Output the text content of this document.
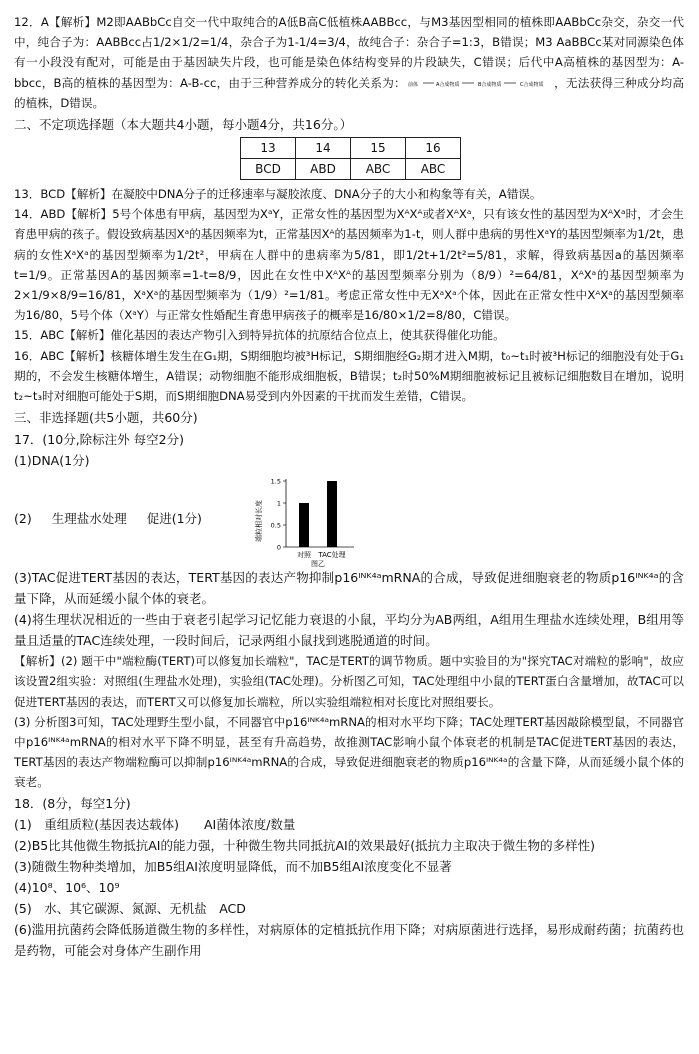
12．A【解析】M2即AABbCc自交一代中取纯合的A低B高C低植株AABBcc，与M3基因型相同的植株即AABbCc杂交，杂交一代中，纯合子为：AABBcc占1/2×1/2=1/4，杂合子为1-1/4=3/4，故纯合子：杂合子=1:3，B错误；M3 AaBBCc某对同源染色体有一小段没有配对，可能是由于基因缺失片段，也可能是染色体结构变异的片段缺失，C错误；后代中A高植株的基因型为：A-bbcc，B高的植株的基因型为：A-B-cc，由于三种营养成分的转化关系为： 前体	A合成物质	B合成物质	C合成物质 ，无法获得三种成分均高的植株，D错误。

二、不定项选择题（本大题共4小题，每小题4分，共16分。）
13	14	15	16
BCD	ABD	ABC	ABC

13．BCD【解析】在凝胶中DNA分子的迁移速率与凝胶浓度、DNA分子的大小和构象等有关，A错误。

14．ABD【解析】5号个体患有甲病，基因型为XᵃY，正常女性的基因型为XᴬXᴬ或者XᴬXᵃ，只有该女性的基因型为XᴬXᵃ时，才会生育患甲病的孩子。假设致病基因Xᵃ的基因频率为t，正常基因Xᴬ的基因频率为1-t，则人群中患病的男性XᵃY的基因型频率为1/2t，患病的女性XᵃXᵃ的基因型频率为1/2t²，甲病在人群中的患病率为5/81，即1/2t+1/2t²=5/81，求解，得致病基因a的基因频率t=1/9。正常基因A的基因频率=1-t=8/9，因此在女性中XᴬXᴬ的基因型频率分别为（8/9）²=64/81，XᴬXᵃ的基因型频率为2×1/9×8/9=16/81，XᵃXᵃ的基因型频率为（1/9）²=1/81。考虑正常女性中无XᵃXᵃ个体，因此在正常女性中XᴬXᵃ的基因型频率为16/80，5号个体（XᵃY）与正常女性婚配生育患甲病孩子的概率是16/80×1/2=8/80，C错误。

15．ABC【解析】催化基因的表达产物引入到特异抗体的抗原结合位点上，使其获得催化功能。

16．ABC【解析】核糖体增生发生在G₁期，S期细胞均被³H标记，S期细胞经G₂期才进入M期，t₀~t₁时被³H标记的细胞没有处于G₁期的，不会发生核糖体增生，A错误；动物细胞不能形成细胞板，B错误；t₂时50%M期细胞被标记且被标记细胞数目在增加，说明t₂~t₃时对细胞可能处于S期，而S期细胞DNA易受到内外因素的干扰而发生差错，C错误。

三、非选择题(共5小题，共60分)
17．(10分,除标注外 每空2分)
(1)DNA(1分)
(2) 生理盐水处理 促进(1分)	端粒相对长度
0
0.5
1
1.5
对照 TAC处理
图乙

(3)TAC促进TERT基因的表达，TERT基因的表达产物抑制p16ᴵᴺᴷ⁴ᵃmRNA的合成，导致促进细胞衰老的物质p16ᴵᴺᴷ⁴ᵃ的含量下降，从而延缓小鼠个体的衰老。

(4)将生理状况相近的一些由于衰老引起学习记忆能力衰退的小鼠，平均分为AB两组，A组用生理盐水连续处理，B组用等量且适量的TAC连续处理，一段时间后，记录两组小鼠找到逃脱通道的时间。

【解析】(2) 题干中"端粒酶(TERT)可以修复加长端粒"，TAC是TERT的调节物质。题中实验目的为"探究TAC对端粒的影响"，故应该设置2组实验：对照组(生理盐水处理)，实验组(TAC处理)。分析图乙可知，TAC处理组中小鼠的TERT蛋白含量增加，故TAC可以促进TERT基因的表达，而TERT又可以修复加长端粒，所以实验组端粒相对长度比对照组要长。

(3) 分析图3可知，TAC处理野生型小鼠，不同器官中p16ᴵᴺᴷ⁴ᵃmRNA的相对水平均下降；TAC处理TERT基因敲除模型鼠，不同器官中p16ᴵᴺᴷ⁴ᵃmRNA的相对水平下降不明显，甚至有升高趋势，故推测TAC影响小鼠个体衰老的机制是TAC促进TERT基因的表达，TERT基因的表达产物端粒酶可以抑制p16ᴵᴺᴷ⁴ᵃmRNA的合成，导致促进细胞衰老的物质p16ᴵᴺᴷ⁴ᵃ的含量下降，从而延缓小鼠个体的衰老。

18．(8分，每空1分)

(1)　重组质粒(基因表达载体)　　AI菌体浓度/数量

(2)B5比其他微生物抵抗AI的能力强，十种微生物共同抵抗AI的效果最好(抵抗力主取决于微生物的多样性)

(3)随微生物种类增加，加B5组AI浓度明显降低，而不加B5组AI浓度变化不显著

(4)10⁸、10⁶、10⁹

(5)　水、其它碳源、氮源、无机盐　ACD

(6)滥用抗菌药会降低肠道微生物的多样性，对病原体的定植抵抗作用下降；对病原菌进行选择，易形成耐药菌；抗菌药也是药物，可能会对身体产生副作用
